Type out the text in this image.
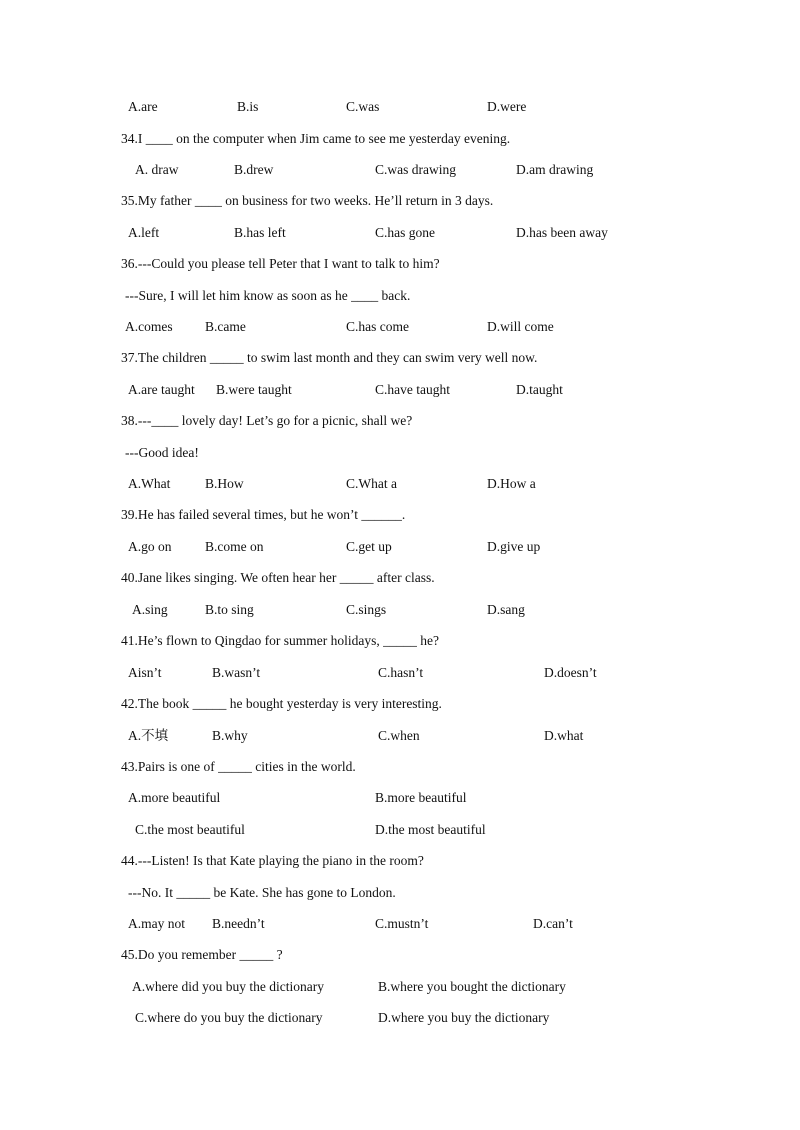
A.are	B.is	C.was	D.were
34.I ____ on the computer when Jim came to see me yesterday evening.
A. draw	B.drew	C.was drawing	D.am drawing
35.My father ____ on business for two weeks. He’ll return in 3 days.
A.left	B.has left	C.has gone	D.has been away
36.---Could you please tell Peter that I want to talk to him?
---Sure, I will let him know as soon as he ____ back.
A.comes B.came	C.has come	D.will come
37.The children _____ to swim last month and they can swim very well now.
A.are taught B.were taught	C.have taught	D.taught
38.---____ lovely day! Let’s go for a picnic, shall we?
---Good idea!
A.What	B.How	C.What a	D.How a
39.He has failed several times, but he won’t ______.
A.go on B.come on	C.get up	D.give up
40.Jane likes singing. We often hear her _____ after class.
A.sing	B.to sing	C.sings	D.sang
41.He’s flown to Qingdao for summer holidays, _____ he?
Aisn’t	B.wasn’t	C.hasn’t	D.doesn’t
42.The book _____ he bought yesterday is very interesting.
A.不填	B.why	C.when	D.what
43.Pairs is one of _____ cities in the world.
A.more beautiful	B.more beautiful
C.the most beautiful	D.the most beautiful
44.---Listen! Is that Kate playing the piano in the room?
---No. It _____ be Kate. She has gone to London.
A.may not B.needn’t	C.mustn’t	D.can’t
45.Do you remember _____ ?
A.where did you buy the dictionary	B.where you bought the dictionary
C.where do you buy the dictionary	D.where you buy the dictionary
